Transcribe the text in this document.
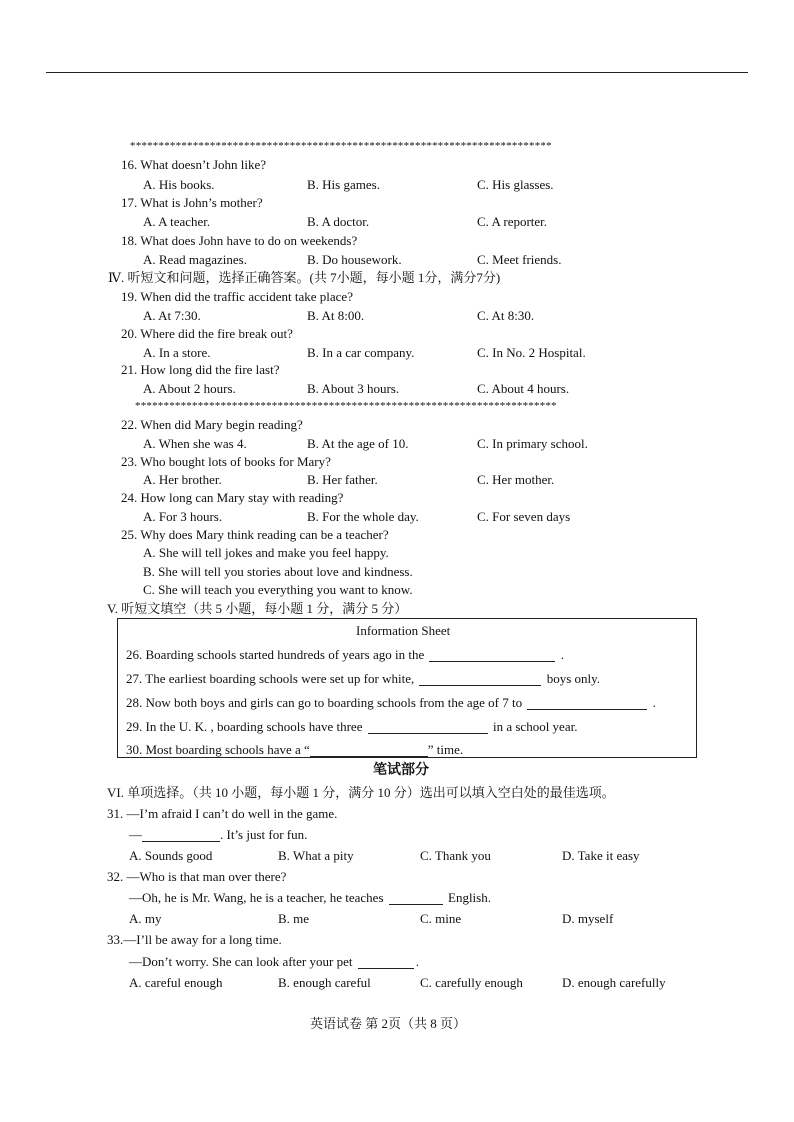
**************************************************************************
16. What doesn’t John like?
A. His books.	B. His games.	C. His glasses.
17. What is John’s mother?
A. A teacher.	B. A doctor.	C. A reporter.
18. What does John have to do on weekends?
A. Read magazines.	B. Do housework.	C. Meet friends.
Ⅳ. 听短文和问题，选择正确答案。(共 7小题，每小题 1分，满分7分)
19. When did the traffic accident take place?
A. At 7:30.	B. At 8:00.	C. At 8:30.
20. Where did the fire break out?
A. In a store.	B. In a car company.	C. In No. 2 Hospital.
21. How long did the fire last?
A. About 2 hours.	B. About 3 hours.	C. About 4 hours.
**************************************************************************
22. When did Mary begin reading?
A. When she was 4.	B. At the age of 10.	C. In primary school.
23. Who bought lots of books for Mary?
A. Her brother.	B. Her father.	C. Her mother.
24. How long can Mary stay with reading?
A. For 3 hours.	B. For the whole day.	C. For seven days
25. Why does Mary think reading can be a teacher?
A. She will tell jokes and make you feel happy.
B. She will tell you stories about love and kindness.
C. She will teach you everything you want to know.
V. 听短文填空（共 5 小题，每小题 1 分，满分 5 分）
Information Sheet
26. Boarding schools started hundreds of years ago in the	.
27. The earliest boarding schools were set up for white,	boys only.
28. Now both boys and girls can go to boarding schools from the age of 7 to	.
29. In the U. K. , boarding schools have three	in a school year.
30. Most boarding schools have a “	” time.
笔试部分
VI. 单项选择。（共 10 小题，每小题 1 分，满分 10 分）选出可以填入空白处的最佳选项。
31. —I’m afraid I can’t do well in the game.
—	. It’s just for fun.
A. Sounds good	B. What a pity	C. Thank you	D. Take it easy
32. —Who is that man over there?
—Oh, he is Mr. Wang, he is a teacher, he teaches	English.
A. my	B. me	C. mine	D. myself
33.—I’ll be away for a long time.
—Don’t worry. She can look after your pet	.
A. careful enough	B. enough careful	C. carefully enough	D. enough carefully
英语试卷 第 2页（共 8 页）
